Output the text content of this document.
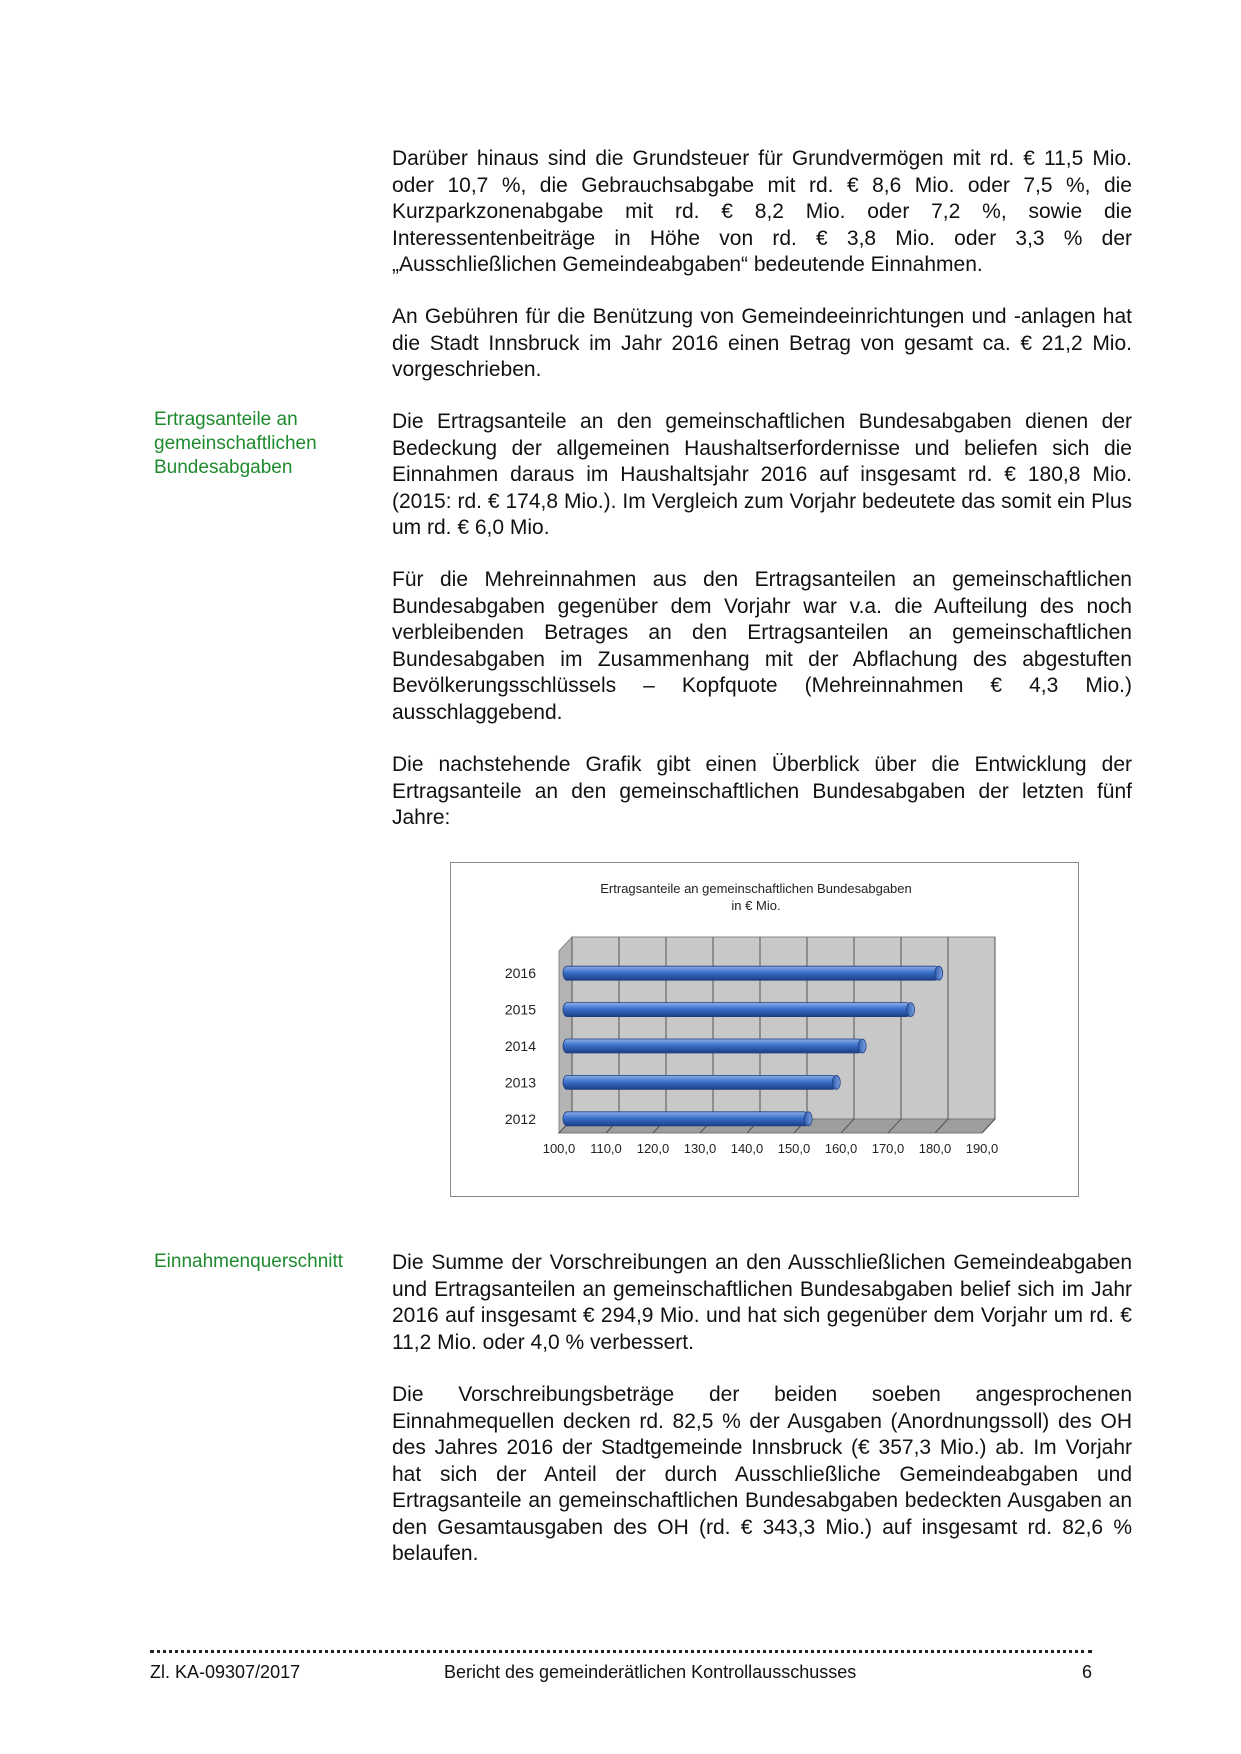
Darüber hinaus sind die Grundsteuer für Grundvermögen mit rd. € 11,5 Mio. oder 10,7 %, die Gebrauchsabgabe mit rd. € 8,6 Mio. oder 7,5 %, die Kurzparkzonenabgabe mit rd. € 8,2 Mio. oder 7,2 %, sowie die Interessentenbeiträge in Höhe von rd. € 3,8 Mio. oder 3,3 % der „Ausschließlichen Gemeindeabgaben“ bedeutende Einnahmen.

An Gebühren für die Benützung von Gemeindeeinrichtungen und -anlagen hat die Stadt Innsbruck im Jahr 2016 einen Betrag von gesamt ca. € 21,2 Mio. vorgeschrieben.

Ertragsanteile an
gemeinschaftlichen
Bundesabgaben

Die Ertragsanteile an den gemeinschaftlichen Bundesabgaben dienen der Bedeckung der allgemeinen Haushaltserfordernisse und beliefen sich die Einnahmen daraus im Haushaltsjahr 2016 auf insgesamt rd. € 180,8 Mio. (2015: rd. € 174,8 Mio.). Im Vergleich zum Vorjahr bedeutete das somit ein Plus um rd. € 6,0 Mio.

Für die Mehreinnahmen aus den Ertragsanteilen an gemeinschaftlichen Bundesabgaben gegenüber dem Vorjahr war v.a. die Aufteilung des noch verbleibenden Betrages an den Ertragsanteilen an gemeinschaftlichen Bundesabgaben im Zusammenhang mit der Abflachung des abgestuften Bevölkerungsschlüssels – Kopfquote (Mehreinnahmen € 4,3 Mio.) ausschlaggebend.

Die nachstehende Grafik gibt einen Überblick über die Entwicklung der Ertragsanteile an den gemeinschaftlichen Bundesabgaben der letzten fünf Jahre:

Ertragsanteile an gemeinschaftlichen Bundesabgaben
in € Mio.
100,0 110,0 120,0 130,0 140,0 150,0 160,0 170,0 180,0 190,0
2016
2015
2014
2013
2012
Einnahmenquerschnitt Die Summe der Vorschreibungen an den Ausschließlichen Gemeindeabgaben und Ertragsanteilen an gemeinschaftlichen Bundesabgaben belief sich im Jahr 2016 auf insgesamt € 294,9 Mio. und hat sich gegenüber dem Vorjahr um rd. € 11,2 Mio. oder 4,0 % verbessert.

Die Vorschreibungsbeträge der beiden soeben angesprochenen Einnahmequellen decken rd. 82,5 % der Ausgaben (Anordnungssoll) des OH des Jahres 2016 der Stadtgemeinde Innsbruck (€ 357,3 Mio.) ab. Im Vorjahr hat sich der Anteil der durch Ausschließliche Gemeindeabgaben und Ertragsanteile an gemeinschaftlichen Bundesabgaben bedeckten Ausgaben an den Gesamtausgaben des OH (rd. € 343,3 Mio.) auf insgesamt rd. 82,6 % belaufen.

Zl. KA-09307/2017	Bericht des gemeinderätlichen Kontrollausschusses	6
